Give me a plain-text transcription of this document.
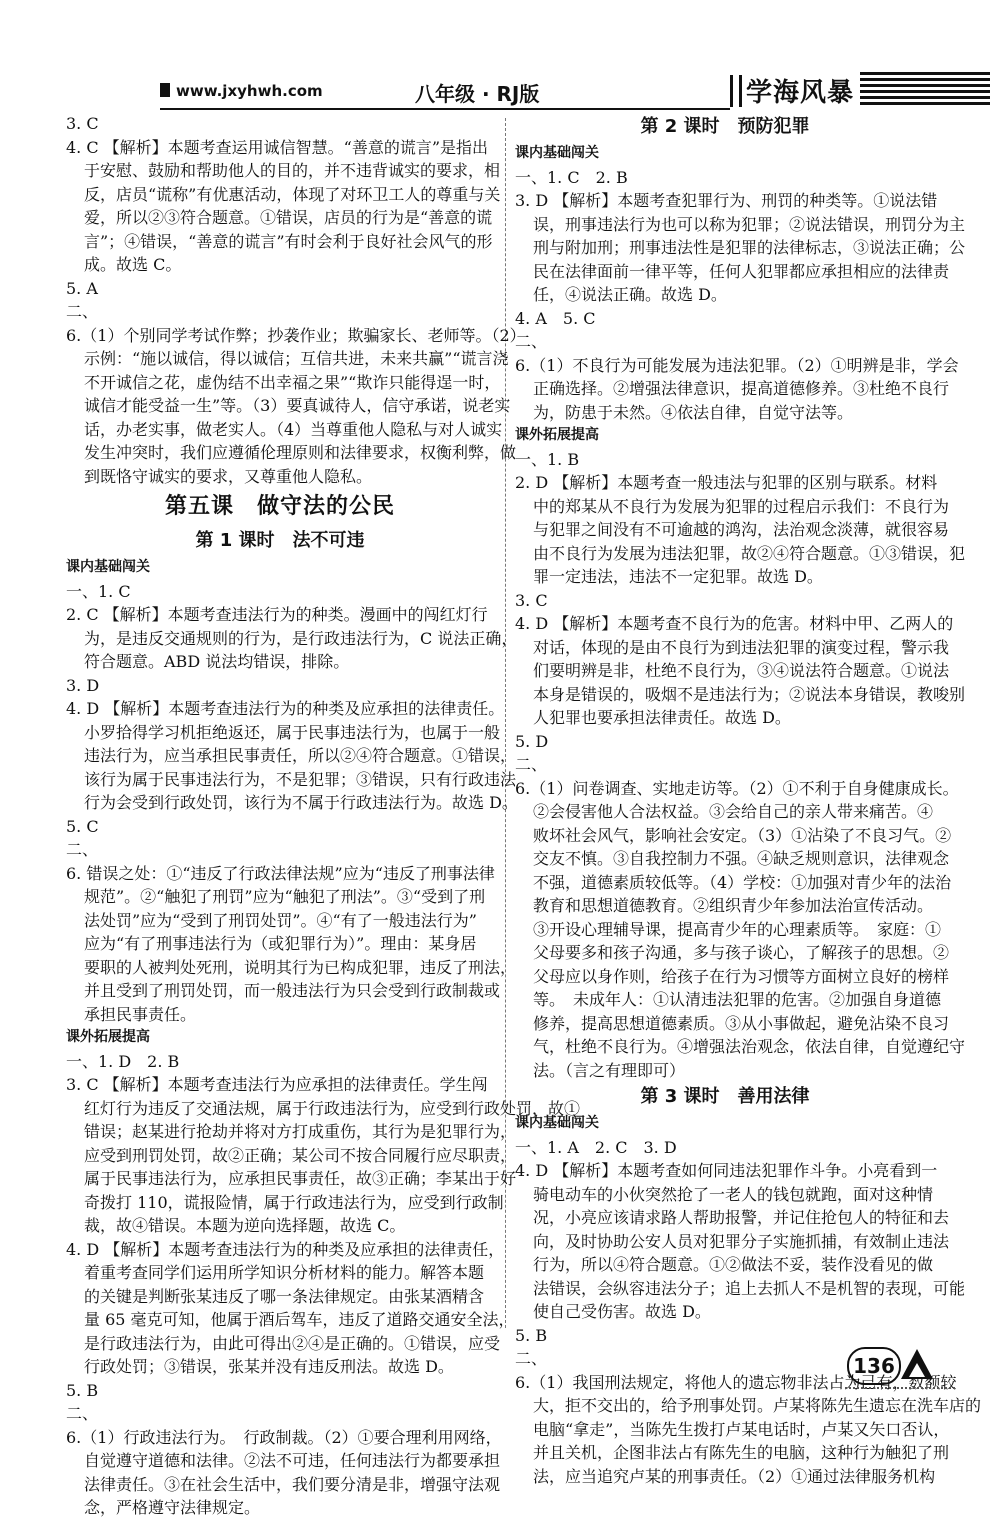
www.jxyhwh.com	八年级 · RJ版	学海风暴
3. C
4. C 【解析】本题考查运用诚信智慧。“善意的谎言”是指出
于安慰、鼓励和帮助他人的目的，并不违背诚实的要求，相
反，店员“谎称”有优惠活动，体现了对环卫工人的尊重与关
爱，所以②③符合题意。①错误，店员的行为是“善意的谎
言”；④错误，“善意的谎言”有时会利于良好社会风气的形
成。故选 C。
5. A
二、
6.（1）个别同学考试作弊；抄袭作业；欺骗家长、老师等。（2）
示例：“施以诚信，得以诚信；互信共进，未来共赢”“谎言浇
不开诚信之花，虚伪结不出幸福之果”“欺诈只能得逞一时，
诚信才能受益一生”等。（3）要真诚待人，信守承诺，说老实
话，办老实事，做老实人。（4）当尊重他人隐私与对人诚实
发生冲突时，我们应遵循伦理原则和法律要求，权衡利弊，做
到既恪守诚实的要求，又尊重他人隐私。
第五课　做守法的公民
第 1 课时　法不可违
课内基础闯关
一、1. C
2. C 【解析】本题考查违法行为的种类。漫画中的闯红灯行
为，是违反交通规则的行为，是行政违法行为，C 说法正确，
符合题意。ABD 说法均错误，排除。
3. D
4. D 【解析】本题考查违法行为的种类及应承担的法律责任。
小罗拾得学习机拒绝返还，属于民事违法行为，也属于一般
违法行为，应当承担民事责任，所以②④符合题意。①错误，
该行为属于民事违法行为，不是犯罪；③错误，只有行政违法
行为会受到行政处罚，该行为不属于行政违法行为。故选 D。
5. C
二、
6. 错误之处：①“违反了行政法律法规”应为“违反了刑事法律
规范”。②“触犯了刑罚”应为“触犯了刑法”。③“受到了刑
法处罚”应为“受到了刑罚处罚”。④“有了一般违法行为”
应为“有了刑事违法行为（或犯罪行为）”。理由：某身居
要职的人被判处死刑，说明其行为已构成犯罪，违反了刑法，
并且受到了刑罚处罚，而一般违法行为只会受到行政制裁或
承担民事责任。
课外拓展提高
一、1. D　2. B
3. C 【解析】本题考查违法行为应承担的法律责任。学生闯
红灯行为违反了交通法规，属于行政违法行为，应受到行政处罚，故①
错误；赵某进行抢劫并将对方打成重伤，其行为是犯罪行为，
应受到刑罚处罚，故②正确；某公司不按合同履行应尽职责，
属于民事违法行为，应承担民事责任，故③正确；李某出于好
奇拨打 110，谎报险情，属于行政违法行为，应受到行政制
裁，故④错误。本题为逆向选择题，故选 C。
4. D 【解析】本题考查违法行为的种类及应承担的法律责任，
着重考查同学们运用所学知识分析材料的能力。解答本题
的关键是判断张某违反了哪一条法律规定。由张某酒精含
量 65 毫克可知，他属于酒后驾车，违反了道路交通安全法，
是行政违法行为，由此可得出②④是正确的。①错误，应受
行政处罚；③错误，张某并没有违反刑法。故选 D。
5. B
二、
6.（1）行政违法行为。　行政制裁。（2）①要合理利用网络，
自觉遵守道德和法律。②法不可违，任何违法行为都要承担
法律责任。③在社会生活中，我们要分清是非，增强守法观
念，严格遵守法律规定。
第 2 课时　预防犯罪
课内基础闯关
一、1. C　2. B
3. D 【解析】本题考查犯罪行为、刑罚的种类等。①说法错
误，刑事违法行为也可以称为犯罪；②说法错误，刑罚分为主
刑与附加刑；刑事违法性是犯罪的法律标志，③说法正确；公
民在法律面前一律平等，任何人犯罪都应承担相应的法律责
任，④说法正确。故选 D。
4. A　5. C
二、
6.（1）不良行为可能发展为违法犯罪。（2）①明辨是非，学会
正确选择。②增强法律意识，提高道德修养。③杜绝不良行
为，防患于未然。④依法自律，自觉守法等。
课外拓展提高
一、1. B
2. D 【解析】本题考查一般违法与犯罪的区别与联系。材料
中的郑某从不良行为发展为犯罪的过程启示我们：不良行为
与犯罪之间没有不可逾越的鸿沟，法治观念淡薄，就很容易
由不良行为发展为违法犯罪，故②④符合题意。①③错误，犯
罪一定违法，违法不一定犯罪。故选 D。
3. C
4. D 【解析】本题考查不良行为的危害。材料中甲、乙两人的
对话，体现的是由不良行为到违法犯罪的演变过程，警示我
们要明辨是非，杜绝不良行为，③④说法符合题意。①说法
本身是错误的，吸烟不是违法行为；②说法本身错误，教唆别
人犯罪也要承担法律责任。故选 D。
5. D
二、
6.（1）问卷调查、实地走访等。（2）①不利于自身健康成长。
②会侵害他人合法权益。③会给自己的亲人带来痛苦。④
败坏社会风气，影响社会安定。（3）①沾染了不良习气。②
交友不慎。③自我控制力不强。④缺乏规则意识，法律观念
不强，道德素质较低等。（4）学校：①加强对青少年的法治
教育和思想道德教育。②组织青少年参加法治宣传活动。
③开设心理辅导课，提高青少年的心理素质等。　家庭：①
父母要多和孩子沟通，多与孩子谈心，了解孩子的思想。②
父母应以身作则，给孩子在行为习惯等方面树立良好的榜样
等。　未成年人：①认清违法犯罪的危害。②加强自身道德
修养，提高思想道德素质。③从小事做起，避免沾染不良习
气，杜绝不良行为。④增强法治观念，依法自律，自觉遵纪守
法。（言之有理即可）
第 3 课时　善用法律
课内基础闯关
一、1. A　2. C　3. D
4. D 【解析】本题考查如何同违法犯罪作斗争。小亮看到一
骑电动车的小伙突然抢了一老人的钱包就跑，面对这种情
况，小亮应该请求路人帮助报警，并记住抢包人的特征和去
向，及时协助公安人员对犯罪分子实施抓捕，有效制止违法
行为，所以④符合题意。①②做法不妥，装作没看见的做
法错误，会纵容违法分子；追上去抓人不是机智的表现，可能
使自己受伤害。故选 D。
5. B
二、
6.（1）我国刑法规定，将他人的遗忘物非法占为己有，数额较
大，拒不交出的，给予刑事处罚。卢某将陈先生遗忘在洗车店的
电脑“拿走”，当陈先生拨打卢某电话时，卢某又矢口否认，
并且关机，企图非法占有陈先生的电脑，这种行为触犯了刑
法，应当追究卢某的刑事责任。（2）①通过法律服务机构
136
